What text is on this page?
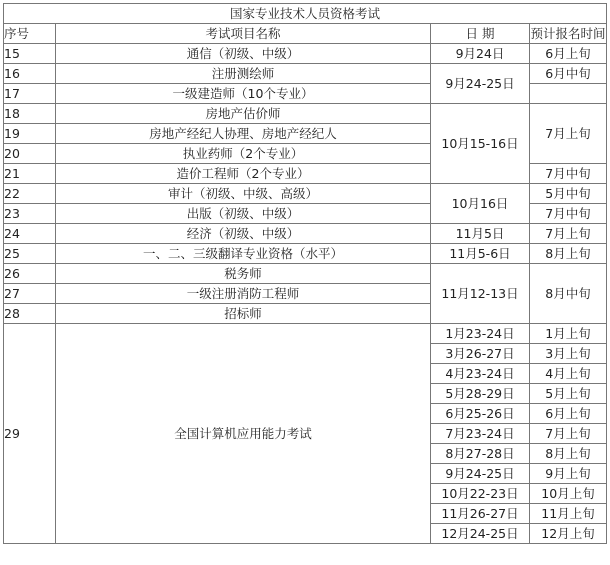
国家专业技术人员资格考试			
序号	考试项目名称	日 期	预计报名时间
15	通信（初级、中级）	9月24日	6月上旬
16	注册测绘师	9月24-25日	6月中旬
17	一级建造师（10个专业）		
18	房地产估价师	10月15-16日	7月上旬
19	房地产经纪人协理、房地产经纪人		
20	执业药师（2个专业）		
21	造价工程师（2个专业）		7月中旬
22	审计（初级、中级、高级）	10月16日	5月中旬
23	出版（初级、中级）		7月中旬
24	经济（初级、中级）	11月5日	7月上旬
25	一、二、三级翻译专业资格（水平）	11月5-6日	8月上旬
26	税务师	11月12-13日	8月中旬
27	一级注册消防工程师		
28	招标师		
29	全国计算机应用能力考试	1月23-24日	1月上旬
		3月26-27日	3月上旬
		4月23-24日	4月上旬
		5月28-29日	5月上旬
		6月25-26日	6月上旬
		7月23-24日	7月上旬
		8月27-28日	8月上旬
		9月24-25日	9月上旬
		10月22-23日	10月上旬
		11月26-27日	11月上旬
		12月24-25日	12月上旬
